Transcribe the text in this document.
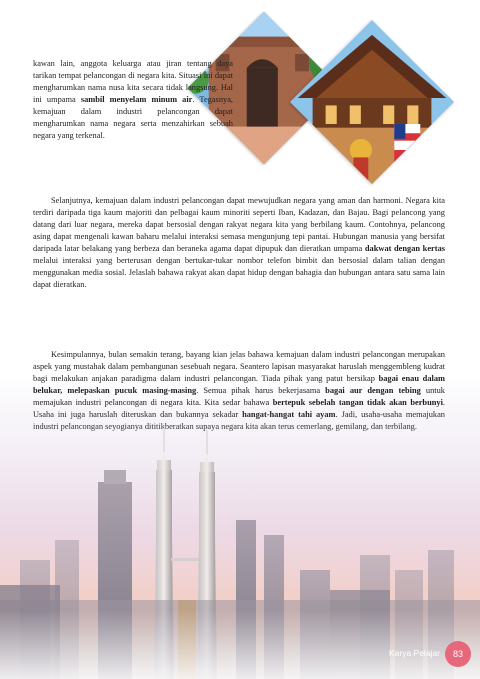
kawan lain, anggota keluarga atau jiran tentang daya tarikan tempat pelancongan di negara kita. Situasi ini dapat mengharumkan nama nusa kita secara tidak langsung. Hal ini umpama sambil menyelam minum air. Tegasnya, kemajuan dalam industri pelancongan dapat mengharumkan nama negara serta menzahirkan sebuah negara yang terkenal.
Selanjutnya, kemajuan dalam industri pelancongan dapat mewujudkan negara yang aman dan harmoni. Negara kita terdiri daripada tiga kaum majoriti dan pelbagai kaum minoriti seperti Iban, Kadazan, dan Bajau. Bagi pelancong yang datang dari luar negara, mereka dapat bersosial dengan rakyat negara kita yang berbilang kaum. Contohnya, pelancong asing dapat mengenali kawan baharu melalui interaksi semasa mengunjung tepi pantai. Hubungan manusia yang bersifat daripada latar belakang yang berbeza dan beraneka agama dapat dipupuk dan dieratkan umpama dakwat dengan kertas melalui interaksi yang berterusan dengan bertukar-tukar nombor telefon bimbit dan bersosial dalam talian dengan menggunakan media sosial. Jelaslah bahawa rakyat akan dapat hidup dengan bahagia dan hubungan antara satu sama lain dapat dieratkan.
Kesimpulannya, bulan semakin terang, bayang kian jelas bahawa kemajuan dalam industri pelancongan merupakan aspek yang mustahak dalam pembangunan sesebuah negara. Seantero lapisan masyarakat haruslah menggembleng kudrat bagi melakukan anjakan paradigma dalam industri pelancongan. Tiada pihak yang patut bersikap bagai enau dalam belukar, melepaskan pucuk masing-masing. Semua pihak harus bekerjasama bagai aur dengan tebing untuk memajukan industri pelancongan di negara kita. Kita sedar bahawa bertepuk sebelah tangan tidak akan berbunyi.
Karya Pelajar	83
